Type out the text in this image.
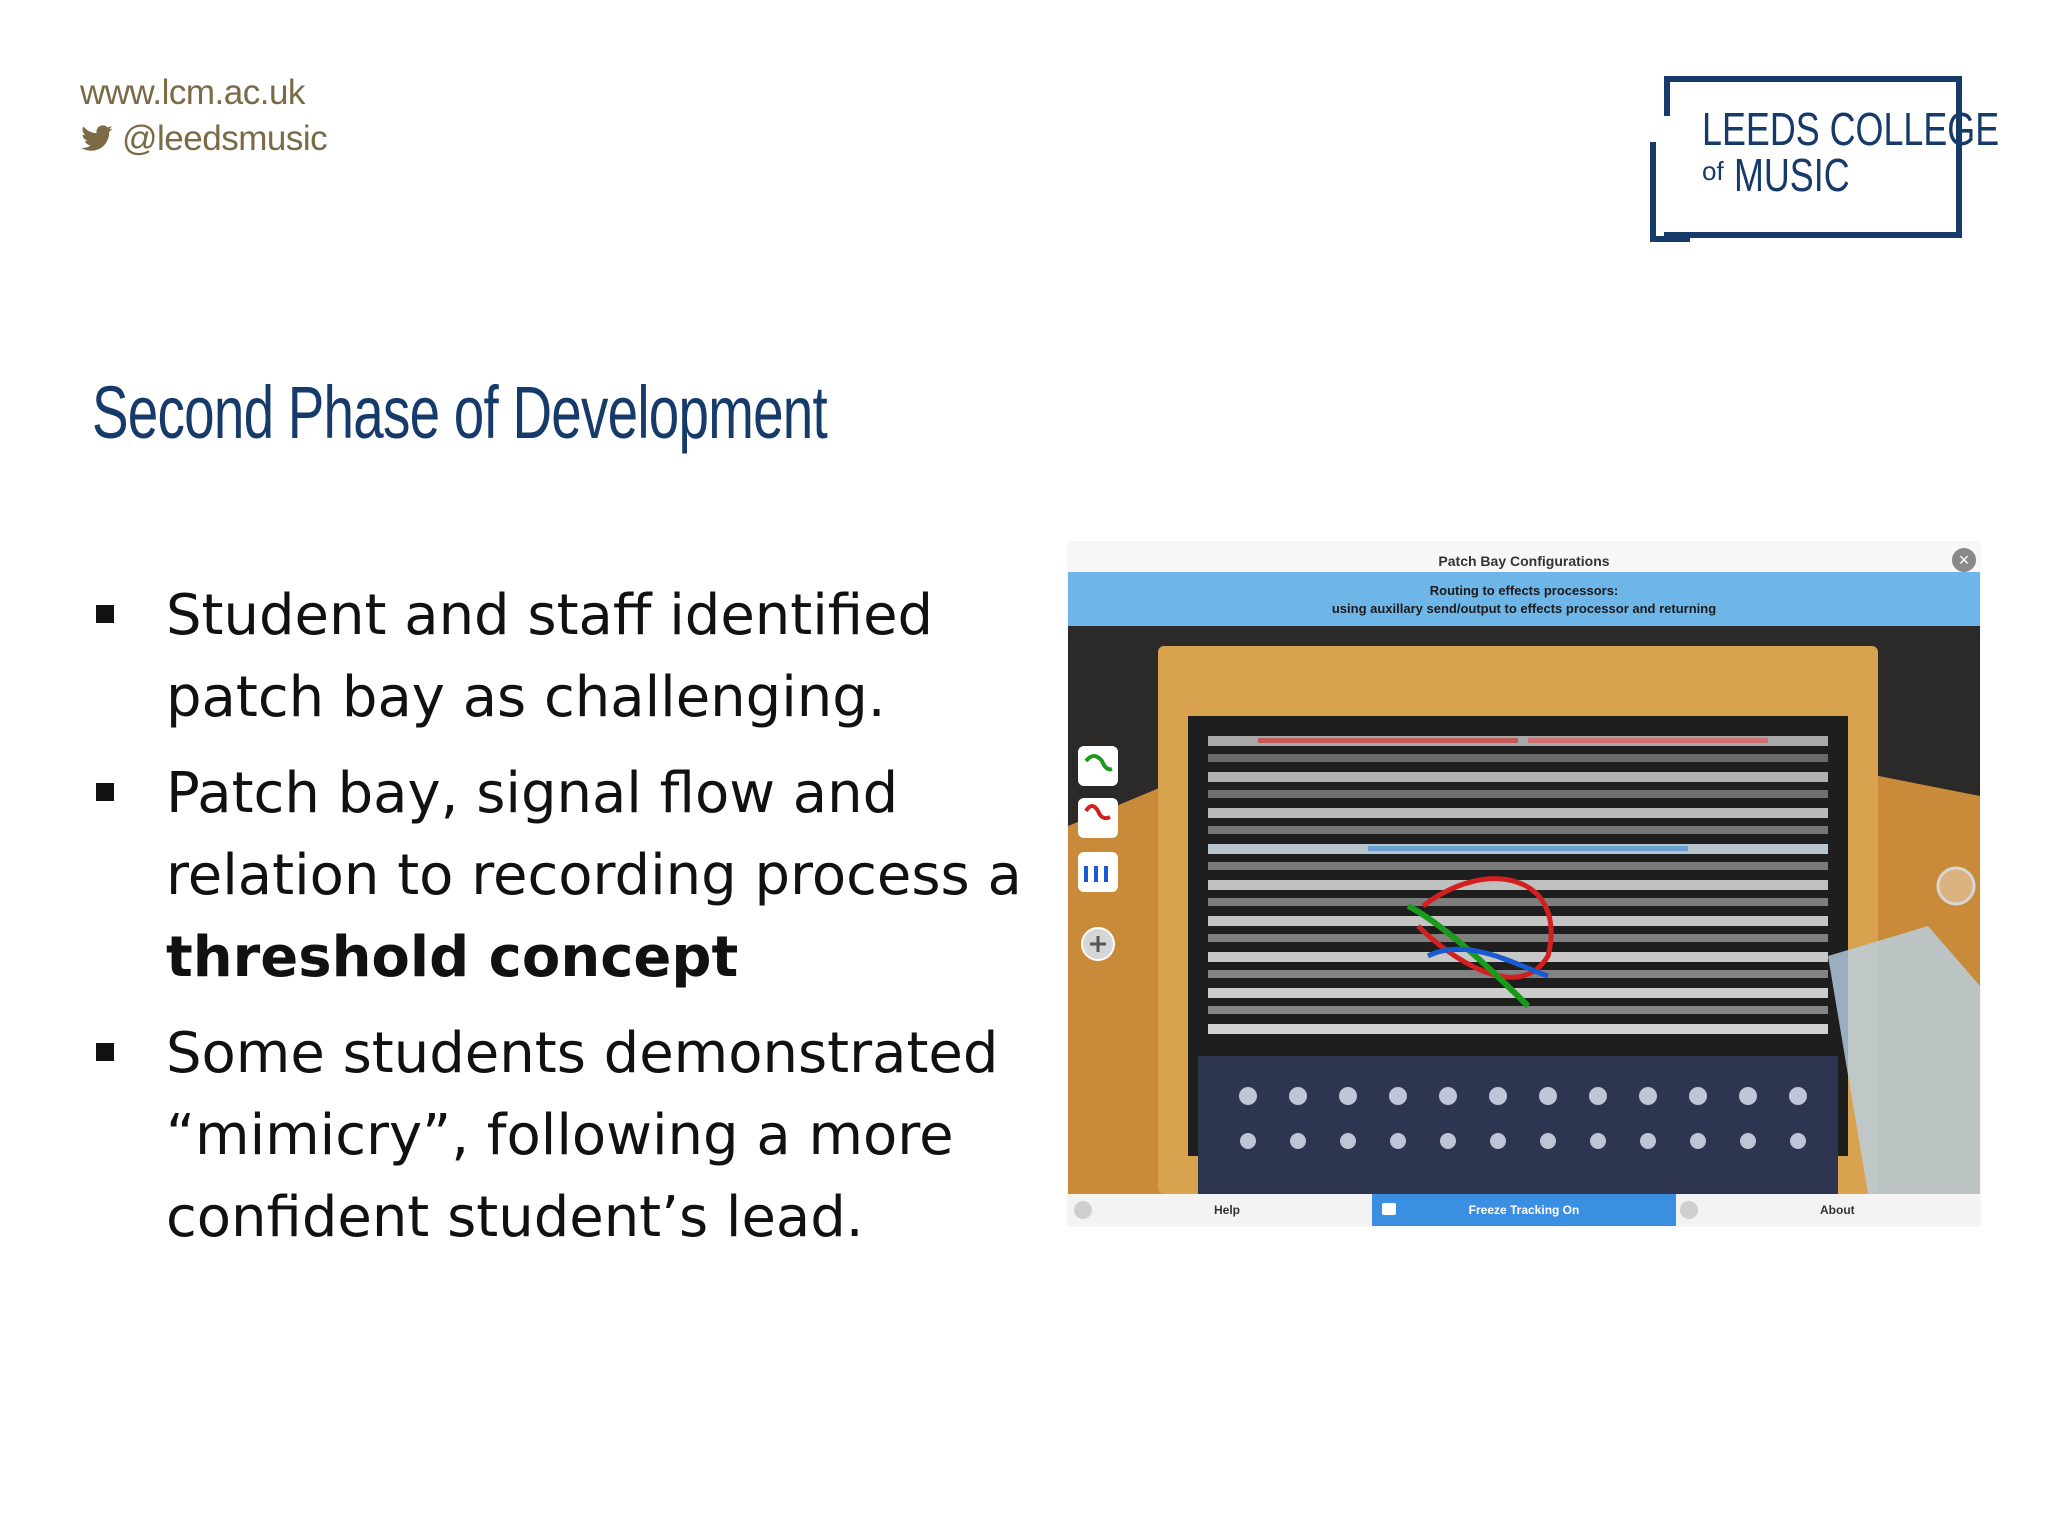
www.lcm.ac.uk
@leedsmusic	LEEDS COLLEGE
of MUSIC
Second Phase of Development
Student and staff identified patch bay as challenging.
Patch bay, signal flow and relation to recording process a threshold concept
Some students demonstrated “mimicry”, following a more confident student’s lead.
Patch Bay Configurations	×
Routing to effects processors:
using auxillary send/output to effects processor and returning
Help	Freeze Tracking On	About
